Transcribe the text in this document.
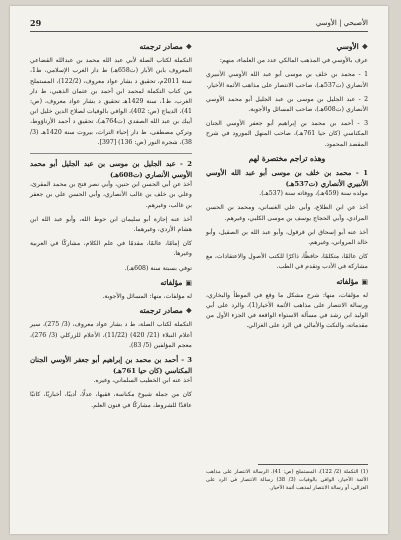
الأصبحي | الأوسي
29
❖الأوسي

عرف بالأوسي في المذهب المالكي عدد من العلماء، منهم:

1 - محمد بن خلف بن موسى أبو عبد الله الأوسي الأنبيري الأنصاري (ت537هـ)، صاحب الانتصار على مذاهب الأئمة الأخيار.

2 - عبد الجليل بن موسى بن عبد الجليل أبو محمد الأوسي الأنصاري (ت608هـ)، صاحب المسائل والأجوبة.

3 - أحمد بن محمد بن إبراهيم أبو جعفر الأوسي الجنان المكناسي (كان حيا 761هـ)، صاحب المنهل المورود في شرح المقصد المحمود.

وهذه تراجم مختصرة لهم
1 - محمد بن خلف بن موسى أبو عبد الله الأوسي الأنبيري الأنصاري (ت537هـ)

مولده سنة (459هـ)، ووفاته سنة (537هـ).

أخذ عن ابن الطلاع، وأبي علي الغساني، ومحمد بن الحسن المرادي، وأبي الحجاج يوسف بن موسى الكلبي، وغيرهم.

أخذ عنه أبو إسحاق ابن قرقول، وأبو عبد الله بن الصقيل، وأبو خالد المرواني، وغيرهم.

كان عالمًا، متكلمًا، حافظًا، ذاكرًا للكتب الأصول والاعتقادات، مع مشاركة في الأدب وتقدم في الطب.

▣مؤلفاته

له مؤلفات، منها: شرح مشكل ما وقع في الموطأ والبخاري، ورسالة الانتصار على مذاهب الأئمة الأخيار(1)، والرد على أبي الوليد ابن رشد في مسألة الاستواء الواقعة في الجزء الأول من مقدماته، والنكت والأمالي في الرد على الغزالي.

❖مصادر ترجمته

التكملة لكتاب الصلة لأبي عبد الله محمد بن عبدالله القضاعي المعروف بابن الأبار (ت658هـ) ط دار الغرب الإسلامي، ط1، سنة 2011م، تحقيق د بشار عواد معروف، (122/2)، المستملح من كتاب التكملة لمحمد ابن أحمد بن عثمان الذهبي، ط دار الغرب، ط1، سنة 1429هـ تحقيق د بشار عواد معروف، (ص: 41)، الديباج (ص: 402)، الوافي بالوفيات لصلاح الدين خليل ابن أيبك بن عبد الله الصفدي (ت764هـ)، تحقيق د أحمد الأرناؤوط، وتركي مصطفى، ط دار إحياء التراث، بيروت سنة 1420هـ (3/ 38)، شجرة النور (ص: 136) [397].

2 - عبد الجليل بن موسى بن عبد الجليل أبو محمد الأوسي الأنصاري (ت608هـ)

أخذ عن أبي الحسن ابن حنين، وأبي نصر فتح بن محمد المقرئ، وعلي بن خلف بن غالب الأنصاري، وأبي الحسن علي بن جعفر بن غالب، وغيرهم.

أخذ عنه إجازة أبو سليمان ابن حوط الله، وأبو عبد الله ابن هشام الأزدي، وغيرهما.

كان إمامًا، عالمًا، مقدمًا في علم الكلام، مشاركًا في العربية وغيرها.

توفي بسبتة سنة (608هـ).

▣مؤلفاته

له مؤلفات، منها: المسائل والأجوبة.

❖مصادر ترجمته

التكملة لكتاب الصلة، ط د بشار عواد معروف، (3/ 275)، سير أعلام النبلاء (21/ 420) (11/22)، الأعلام للزركلي (3/ 276)، معجم المؤلفين (5/ 83).

3 - أحمد بن محمد بن إبراهيم أبو جعفر الأوسي الجنان المكناسي (كان حيا 761هـ)

أخذ عنه ابن الخطيب السلماني، وغيره.

كان من جملة شيوخ مكناسة، فقيها، عدلًا، أديبًا، أخباريًا، كاتبًا عاقدًا للشروط، مشاركًا في فنون العلم.

(1) التكملة (2/ 122)، المستملح (ص: 41). الرسالة الانتصار على مذاهب الأئمة الأخيار، الوافي بالوفيات (3/ 38) رسالة الانتصار في الرد على الغزالي، أو رسالة الانتصار لمذهب أئمة الأخيار.
